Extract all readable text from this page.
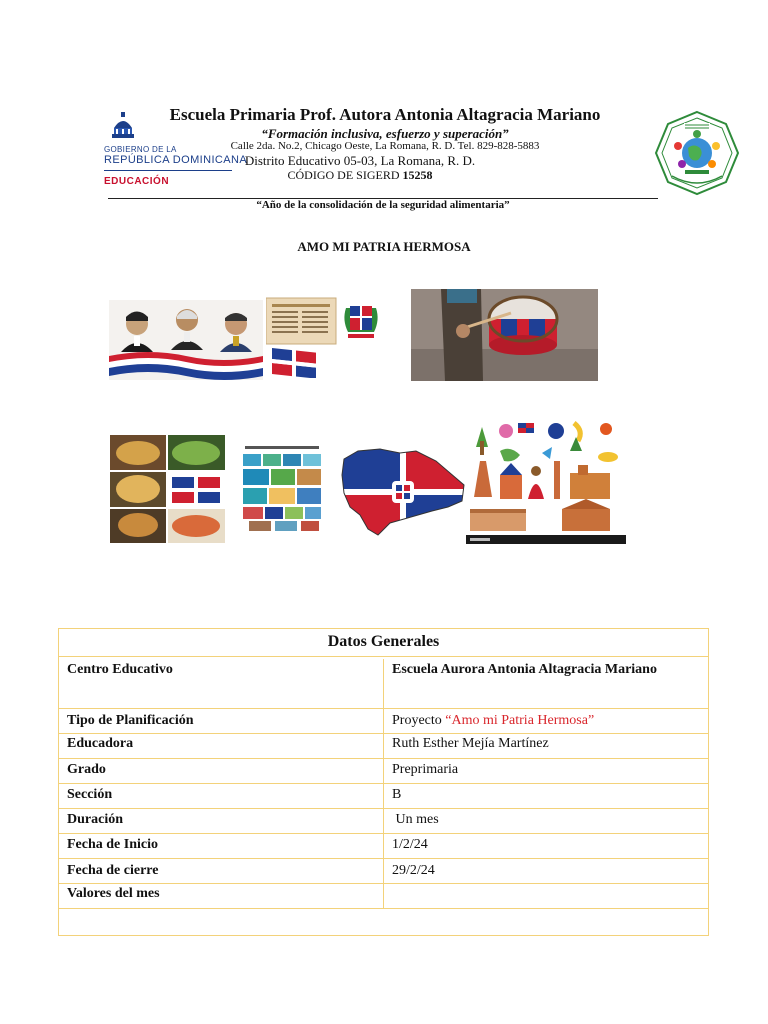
GOBIERNO DE LA
REPÚBLICA DOMINICANA
EDUCACIÓN
Escuela Primaria Prof. Autora Antonia Altagracia Mariano
“Formación inclusiva, esfuerzo y superación”
Calle 2da. No.2, Chicago Oeste, La Romana, R. D. Tel. 829-828-5883
Distrito Educativo 05-03, La Romana, R. D.
CÓDIGO DE SIGERD 15258
“Año de la consolidación de la seguridad alimentaria”
AMO MI PATRIA HERMOSA
Datos Generales
Centro Educativo	Escuela Aurora Antonia Altagracia Mariano
Tipo de Planificación	Proyecto “Amo mi Patria Hermosa”
Educadora	Ruth Esther Mejía Martínez
Grado	Preprimaria
Sección	B
Duración	Un mes
Fecha de Inicio	1/2/24
Fecha de cierre	29/2/24
Valores del mes
